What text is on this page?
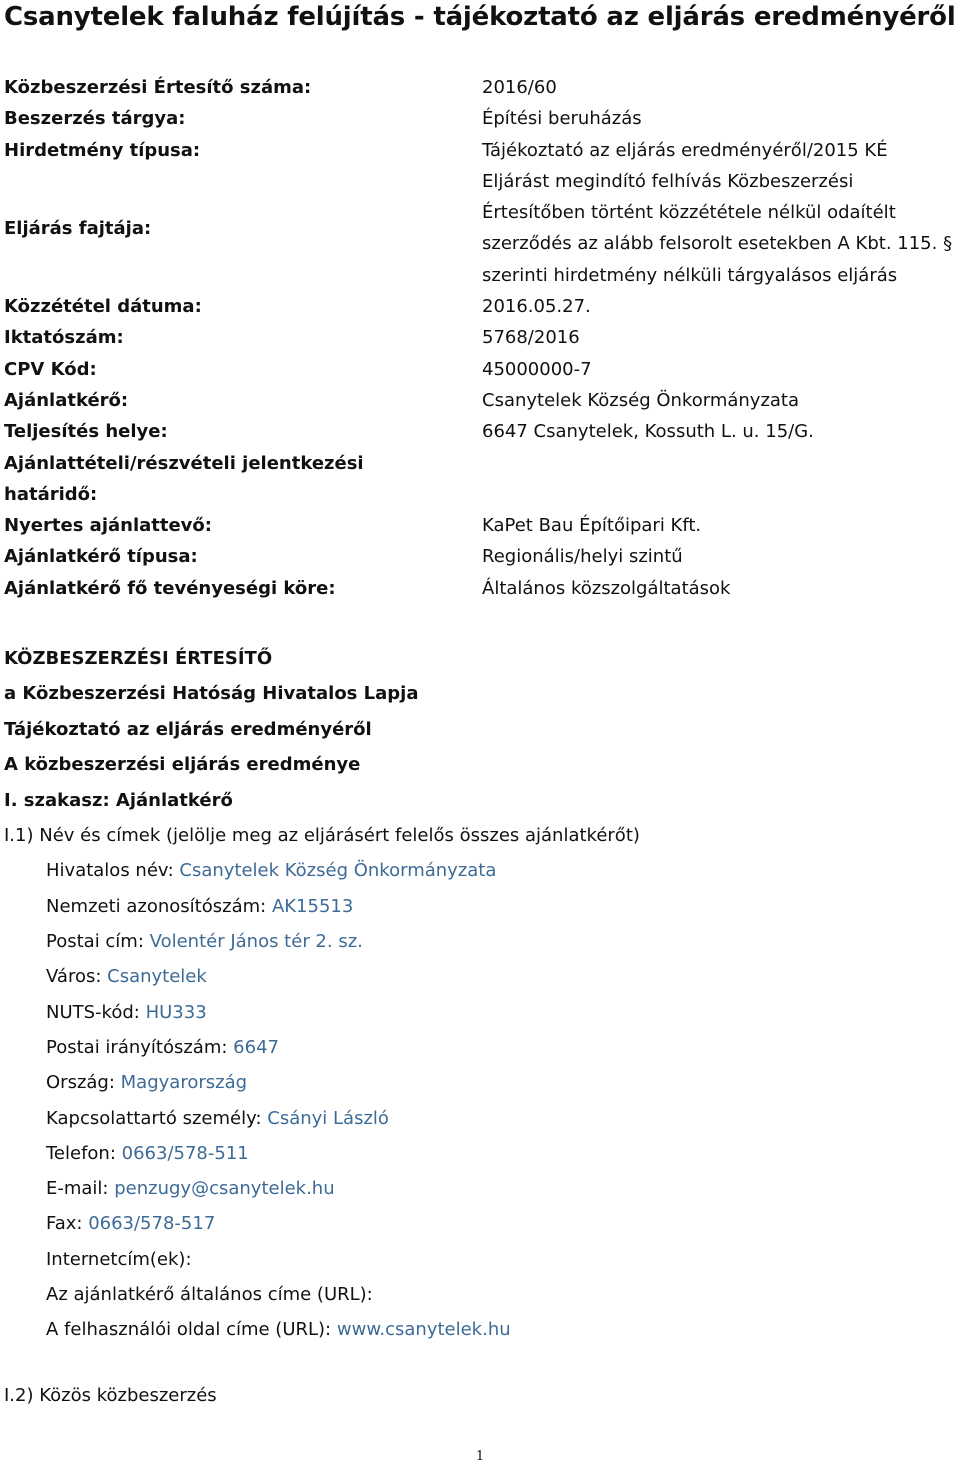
Csanytelek faluház felújítás - tájékoztató az eljárás eredményéről
Közbeszerzési Értesítő száma:	2016/60
Beszerzés tárgya:	Építési beruházás
Hirdetmény típusa:	Tájékoztató az eljárás eredményéről/2015 KÉ
Eljárás fajtája:
Eljárást megindító felhívás Közbeszerzési
Értesítőben történt közzététele nélkül odaítélt
szerződés az alább felsorolt esetekben A Kbt. 115. §
szerinti hirdetmény nélküli tárgyalásos eljárás
Közzététel dátuma:	2016.05.27.
Iktatószám:	5768/2016
CPV Kód:	45000000-7
Ajánlatkérő:	Csanytelek Község Önkormányzata
Teljesítés helye:	6647 Csanytelek, Kossuth L. u. 15/G.
Ajánlattételi/részvételi jelentkezési
határidő:
Nyertes ajánlattevő:	KaPet Bau Építőipari Kft.
Ajánlatkérő típusa:	Regionális/helyi szintű
Ajánlatkérő fő tevényeségi köre:	Általános közszolgáltatások
KÖZBESZERZÉSI ÉRTESÍTŐ
a Közbeszerzési Hatóság Hivatalos Lapja
Tájékoztató az eljárás eredményéről
A közbeszerzési eljárás eredménye
I. szakasz: Ajánlatkérő
I.1) Név és címek (jelölje meg az eljárásért felelős összes ajánlatkérőt)
Hivatalos név: Csanytelek Község Önkormányzata
Nemzeti azonosítószám: AK15513
Postai cím: Volentér János tér 2. sz.
Város: Csanytelek
NUTS-kód: HU333
Postai irányítószám: 6647
Ország: Magyarország
Kapcsolattartó személy: Csányi László
Telefon: 0663/578-511
E-mail: penzugy@csanytelek.hu
Fax: 0663/578-517
Internetcím(ek):
Az ajánlatkérő általános címe (URL):
A felhasználói oldal címe (URL): www.csanytelek.hu
I.2) Közös közbeszerzés
1
